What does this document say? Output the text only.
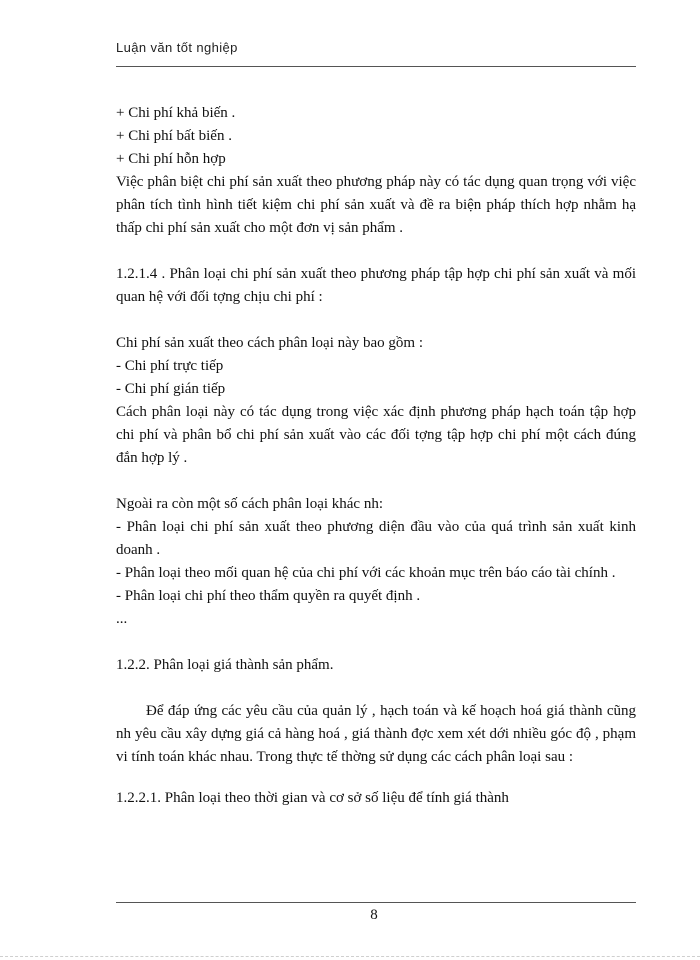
Luận văn tốt nghiệp

+ Chi phí khả biến .

+ Chi phí bất biến .

+ Chi phí hỗn hợp

Việc phân biệt chi phí sản xuất theo phương pháp này có tác dụng quan trọng với việc phân tích tình hình tiết kiệm chi phí sản xuất và đề ra biện pháp thích hợp nhằm hạ thấp chi phí sản xuất cho một đơn vị sản phẩm .

1.2.1.4 . Phân loại chi phí sản xuất theo phương pháp tập hợp chi phí sản xuất và mối quan hệ với đối tợng chịu chi phí :

Chi phí sản xuất theo cách phân loại này bao gồm :

- Chi phí trực tiếp

- Chi phí gián tiếp

Cách phân loại này có tác dụng trong việc xác định phương pháp hạch toán tập hợp chi phí và phân bổ chi phí sản xuất vào các đối tợng tập hợp chi phí một cách đúng đắn hợp lý .

Ngoài ra còn một số cách phân loại khác nh:

- Phân loại chi phí sản xuất theo phương diện đầu vào của quá trình sản xuất kinh doanh .

- Phân loại theo mối quan hệ của chi phí với các khoản mục trên báo cáo tài chính .

- Phân loại chi phí theo thẩm quyền ra quyết định .

...

1.2.2. Phân loại giá thành sản phẩm.

Để đáp ứng các yêu cầu của quản lý , hạch toán và kế hoạch hoá giá thành cũng nh yêu cầu xây dựng giá cả hàng hoá , giá thành đợc xem xét dới nhiều góc độ , phạm vi tính toán khác nhau. Trong thực tế thờng sử dụng các cách phân loại sau :

1.2.2.1. Phân loại theo thời gian và cơ sở số liệu để tính giá thành

8
